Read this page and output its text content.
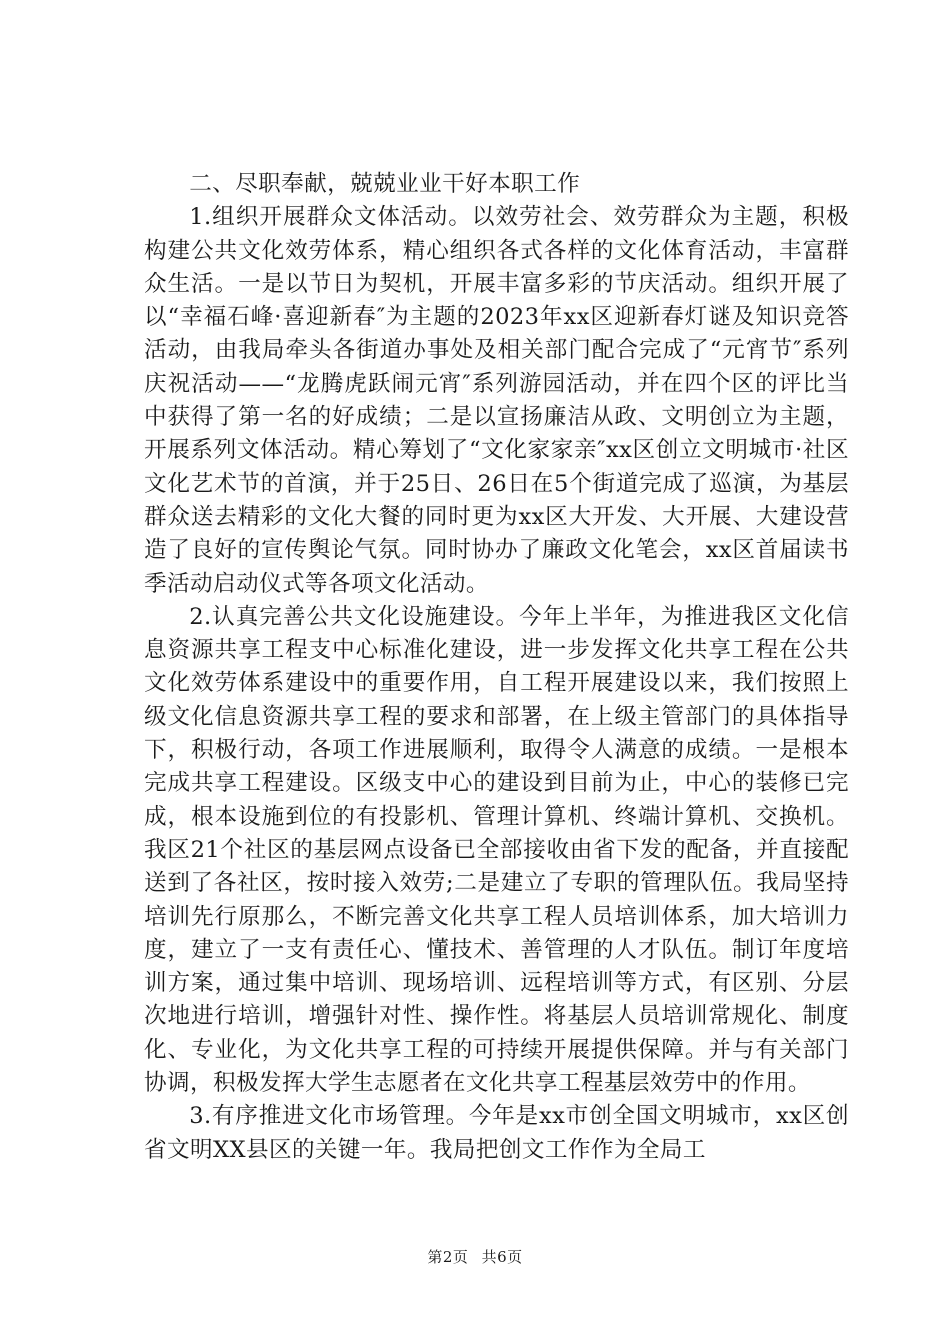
二、尽职奉献，兢兢业业干好本职工作

1.组织开展群众文体活动。以效劳社会、效劳群众为主题，积极构建公共文化效劳体系，精心组织各式各样的文化体育活动，丰富群众生活。一是以节日为契机，开展丰富多彩的节庆活动。组织开展了以“幸福石峰·喜迎新春″为主题的2023年xx区迎新春灯谜及知识竞答活动，由我局牵头各街道办事处及相关部门配合完成了“元宵节″系列庆祝活动——“龙腾虎跃闹元宵″系列游园活动，并在四个区的评比当中获得了第一名的好成绩；二是以宣扬廉洁从政、文明创立为主题，开展系列文体活动。精心筹划了“文化家家亲″xx区创立文明城市·社区文化艺术节的首演，并于25日、26日在5个街道完成了巡演，为基层群众送去精彩的文化大餐的同时更为xx区大开发、大开展、大建设营造了良好的宣传舆论气氛。同时协办了廉政文化笔会，xx区首届读书季活动启动仪式等各项文化活动。

2.认真完善公共文化设施建设。今年上半年，为推进我区文化信息资源共享工程支中心标准化建设，进一步发挥文化共享工程在公共文化效劳体系建设中的重要作用，自工程开展建设以来，我们按照上级文化信息资源共享工程的要求和部署，在上级主管部门的具体指导下，积极行动，各项工作进展顺利，取得令人满意的成绩。一是根本完成共享工程建设。区级支中心的建设到目前为止，中心的装修已完成，根本设施到位的有投影机、管理计算机、终端计算机、交换机。我区21个社区的基层网点设备已全部接收由省下发的配备，并直接配送到了各社区，按时接入效劳;二是建立了专职的管理队伍。我局坚持培训先行原那么，不断完善文化共享工程人员培训体系，加大培训力度，建立了一支有责任心、懂技术、善管理的人才队伍。制订年度培训方案，通过集中培训、现场培训、远程培训等方式，有区别、分层次地进行培训，增强针对性、操作性。将基层人员培训常规化、制度化、专业化，为文化共享工程的可持续开展提供保障。并与有关部门协调，积极发挥大学生志愿者在文化共享工程基层效劳中的作用。

3.有序推进文化市场管理。今年是xx市创全国文明城市，xx区创省文明XX县区的关键一年。我局把创文工作作为全局工

第2页 共6页
